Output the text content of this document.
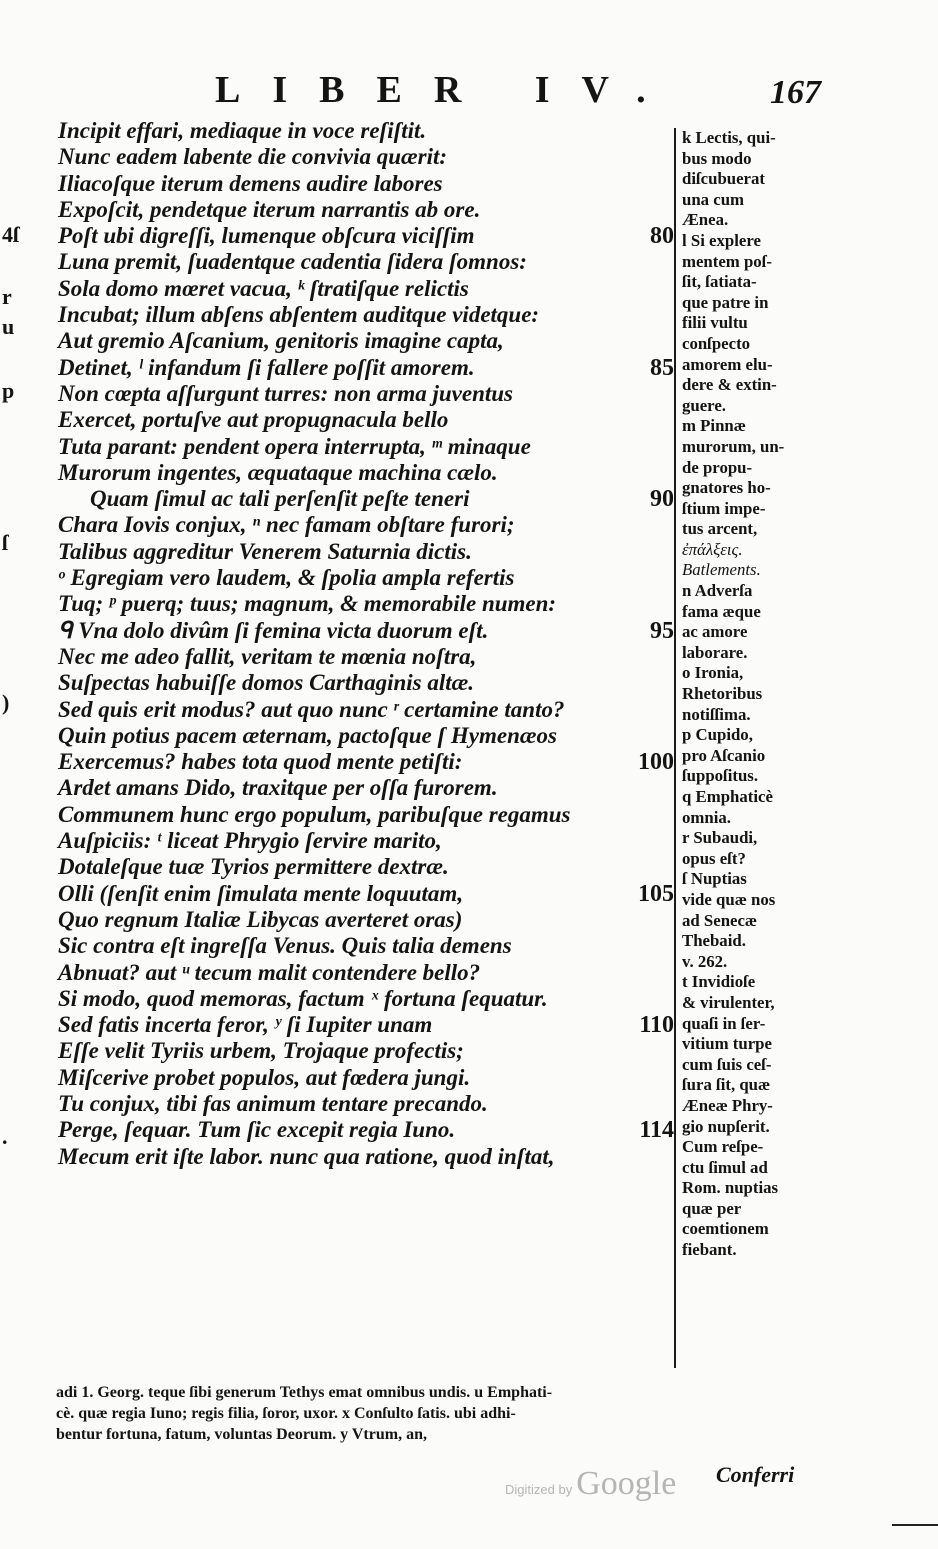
LIBER IV.	167
4ſ
r
u
p
ſ
)
.
Incipit effari, mediaque in voce reſiſtit.
Nunc eadem labente die convivia quærit:
Iliacoſque iterum demens audire labores
Expoſcit, pendetque iterum narrantis ab ore.
Poſt ubi digreſſi, lumenque obſcura viciſſim	80
Luna premit, ſuadentque cadentia ſidera ſomnos:
Sola domo mœret vacua, ᵏ ſtratiſque relictis
Incubat; illum abſens abſentem auditque videtque:
Aut gremio Aſcanium, genitoris imagine capta,
Detinet, ˡ infandum ſi fallere poſſit amorem.	85
Non cœpta aſſurgunt turres: non arma juventus
Exercet, portuſve aut propugnacula bello
Tuta parant: pendent opera interrupta, ᵐ minaque
Murorum ingentes, æquataque machina cælo.
Quam ſimul ac tali perſenſit peſte teneri	90
Chara Iovis conjux, ⁿ nec famam obſtare furori;
Talibus aggreditur Venerem Saturnia dictis.
ᵒ Egregiam vero laudem, & ſpolia ampla refertis
Tuq; ᵖ puerq; tuus; magnum, & memorabile numen:
ᑫ Vna dolo divûm ſi femina victa duorum eſt.	95
Nec me adeo fallit, veritam te mœnia noſtra,
Suſpectas habuiſſe domos Carthaginis altæ.
Sed quis erit modus? aut quo nunc ʳ certamine tanto?
Quin potius pacem æternam, pactoſque ſ Hymenæos
Exercemus? habes tota quod mente petiſti:	100
Ardet amans Dido, traxitque per oſſa furorem.
Communem hunc ergo populum, paribuſque regamus
Auſpiciis: ᵗ liceat Phrygio ſervire marito,
Dotaleſque tuæ Tyrios permittere dextræ.
Olli (ſenſit enim ſimulata mente loquutam,	105
Quo regnum Italiæ Libycas averteret oras)
Sic contra eſt ingreſſa Venus. Quis talia demens
Abnuat? aut ᵘ tecum malit contendere bello?
Si modo, quod memoras, factum ˣ fortuna ſequatur.
Sed fatis incerta feror, ʸ ſi Iupiter unam	110
Eſſe velit Tyriis urbem, Trojaque profectis;
Miſcerive probet populos, aut fœdera jungi.
Tu conjux, tibi fas animum tentare precando.
Perge, ſequar. Tum ſic excepit regia Iuno.	114
Mecum erit iſte labor. nunc qua ratione, quod inſtat,
k Lectis, qui-
bus modo
diſcubuerat
una cum
Ænea.
l Si explere
mentem poſ-
ſit, ſatiata-
que patre in
filii vultu
conſpecto
amorem elu-
dere & extin-
guere.
m Pinnæ
murorum, un-
de propu-
gnatores ho-
ſtium impe-
tus arcent,
ἐπάλξεις.
Batlements.
n Adverſa
fama æque
ac amore
laborare.
o Ironia,
Rhetoribus
notiſſima.
p Cupido,
pro Aſcanio
ſuppoſitus.
q Emphaticè
omnia.
r Subaudi,
opus eſt?
ſ Nuptias
vide quæ nos
ad Senecæ
Thebaid.
v. 262.
t Invidioſe
& virulenter,
quaſi in ſer-
vitium turpe
cum ſuis ceſ-
ſura ſit, quæ
Æneæ Phry-
gio nupſerit.
Cum reſpe-
ctu ſimul ad
Rom. nuptias
quæ per
coemtionem
fiebant.
adi 1. Georg. teque ſibi generum Tethys emat omnibus undis. u Emphati-
cè. quæ regia Iuno; regis filia, ſoror, uxor. x Conſulto ſatis. ubi adhi-
bentur fortuna, fatum, voluntas Deorum. y Vtrum, an,
Digitized by Google Conferri
